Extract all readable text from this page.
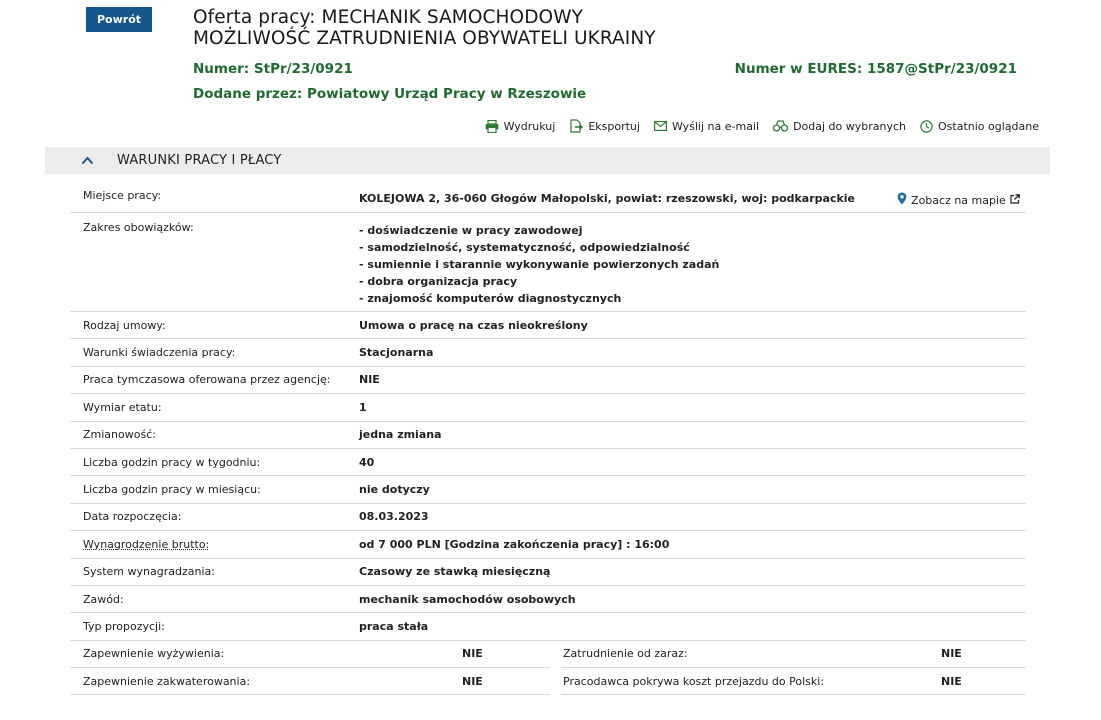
Powrót	Oferta pracy: MECHANIK SAMOCHODOWY
MOŻLIWOŚĆ ZATRUDNIENIA OBYWATELI UKRAINY
Numer: StPr/23/0921	Numer w EURES: 1587@StPr/23/0921
Dodane przez: Powiatowy Urząd Pracy w Rzeszowie
Wydrukuj	Eksportuj	Wyślij na e-mail	Dodaj do wybranych	Ostatnio oglądane
WARUNKI PRACY I PŁACY
Miejsce pracy:	KOLEJOWA 2, 36-060 Głogów Małopolski, powiat: rzeszowski, woj: podkarpackie	Zobacz na mapie
Zakres obowiązków:	- doświadczenie w pracy zawodowej
- samodzielność, systematyczność, odpowiedzialność
- sumiennie i starannie wykonywanie powierzonych zadań
- dobra organizacja pracy
- znajomość komputerów diagnostycznych
Rodzaj umowy:	Umowa o pracę na czas nieokreślony
Warunki świadczenia pracy:	Stacjonarna
Praca tymczasowa oferowana przez agencję:	NIE
Wymiar etatu:	1
Zmianowość:	jedna zmiana
Liczba godzin pracy w tygodniu:	40
Liczba godzin pracy w miesiącu:	nie dotyczy
Data rozpoczęcia:	08.03.2023
Wynagrodzenie brutto:	od 7 000 PLN [Godzina zakończenia pracy] : 16:00
System wynagradzania:	Czasowy ze stawką miesięczną
Zawód:	mechanik samochodów osobowych
Typ propozycji:	praca stała
Zapewnienie wyżywienia:	NIE	Zatrudnienie od zaraz:	NIE
Zapewnienie zakwaterowania:	NIE	Pracodawca pokrywa koszt przejazdu do Polski:	NIE
